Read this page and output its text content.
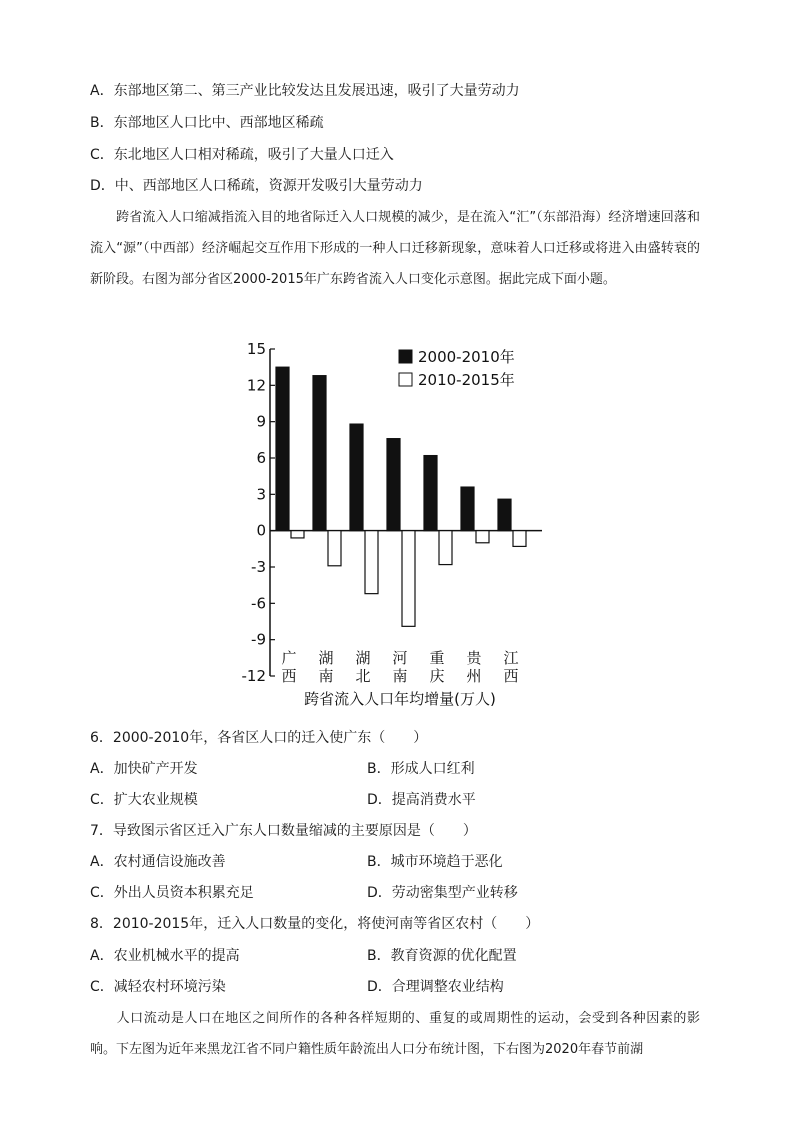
A．东部地区第二、第三产业比较发达且发展迅速，吸引了大量劳动力
B．东部地区人口比中、西部地区稀疏
C．东北地区人口相对稀疏，吸引了大量人口迁入
D．中、西部地区人口稀疏，资源开发吸引大量劳动力
跨省流入人口缩减指流入目的地省际迁入人口规模的减少，是在流入“汇”（东部沿海）经济增速回落和流入“源”（中西部）经济崛起交互作用下形成的一种人口迁移新现象，意味着人口迁移或将进入由盛转衰的新阶段。右图为部分省区2000-2015年广东跨省流入人口变化示意图。据此完成下面小题。
15
12
9
6
3
0
-3
-6
-9
-12
广
西
湖
南
湖
北
河
南
重
庆
贵
州
江
西
2000-2010年
2010-2015年
跨省流入人口年均增量(万人)
6．2000-2010年，各省区人口的迁入使广东（　　）
A．加快矿产开发	B．形成人口红利
C．扩大农业规模	D．提高消费水平
7．导致图示省区迁入广东人口数量缩减的主要原因是（　　）
A．农村通信设施改善	B．城市环境趋于恶化
C．外出人员资本积累充足	D．劳动密集型产业转移
8．2010-2015年，迁入人口数量的变化，将使河南等省区农村（　　）
A．农业机械水平的提高	B．教育资源的优化配置
C．减轻农村环境污染	D．合理调整农业结构
人口流动是人口在地区之间所作的各种各样短期的、重复的或周期性的运动，会受到各种因素的影响。下左图为近年来黑龙江省不同户籍性质年龄流出人口分布统计图，下右图为2020年春节前湖
